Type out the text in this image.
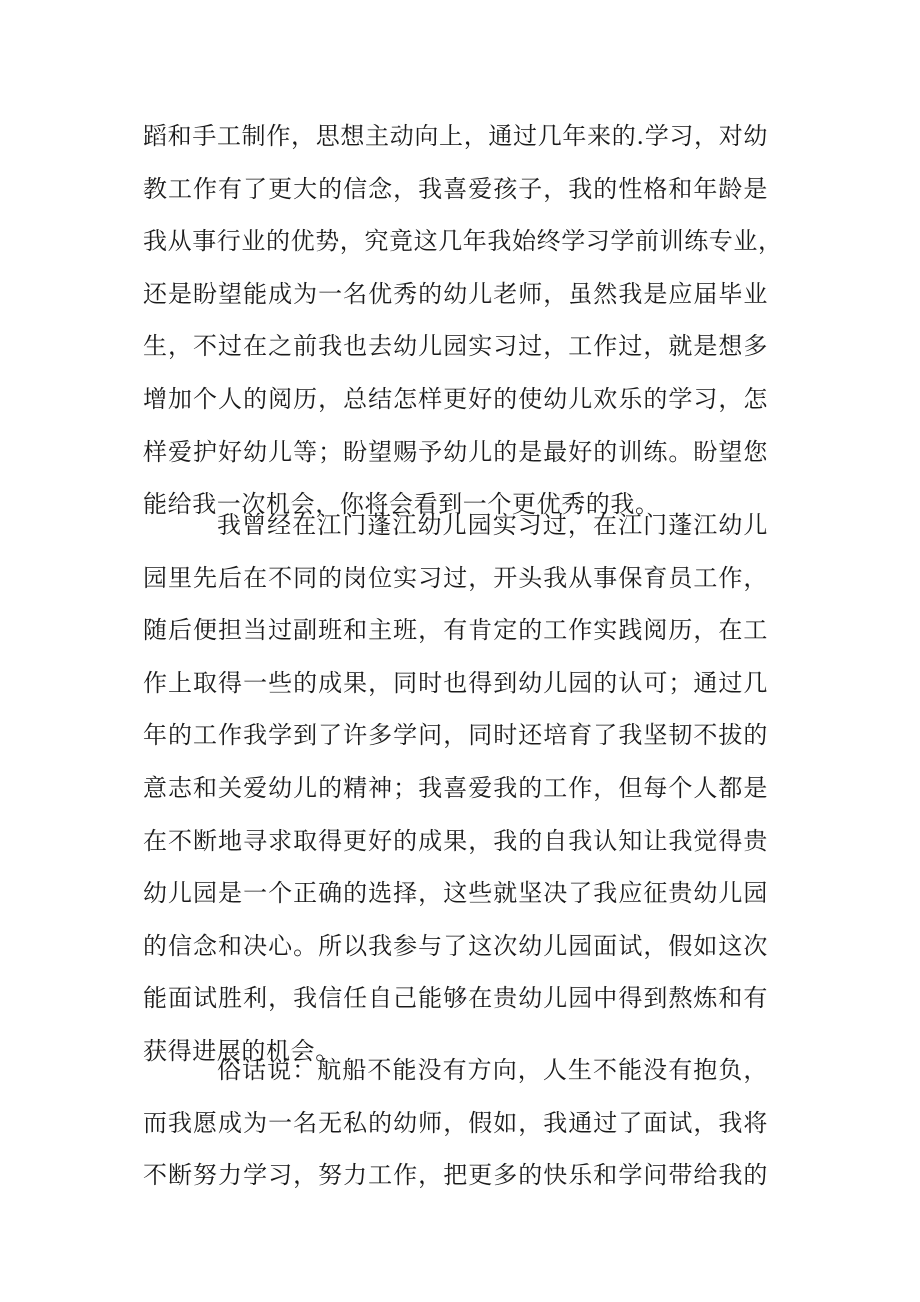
蹈和手工制作，思想主动向上，通过几年来的.学习，对幼
教工作有了更大的信念，我喜爱孩子，我的性格和年龄是
我从事行业的优势，究竟这几年我始终学习学前训练专业，
还是盼望能成为一名优秀的幼儿老师，虽然我是应届毕业
生，不过在之前我也去幼儿园实习过，工作过，就是想多
增加个人的阅历，总结怎样更好的使幼儿欢乐的学习，怎
样爱护好幼儿等；盼望赐予幼儿的是最好的训练。盼望您
能给我一次机会，你将会看到一个更优秀的我。
我曾经在江门蓬江幼儿园实习过，在江门蓬江幼儿
园里先后在不同的岗位实习过，开头我从事保育员工作，
随后便担当过副班和主班，有肯定的工作实践阅历，在工
作上取得一些的成果，同时也得到幼儿园的认可；通过几
年的工作我学到了许多学问，同时还培育了我坚韧不拔的
意志和关爱幼儿的精神；我喜爱我的工作，但每个人都是
在不断地寻求取得更好的成果，我的自我认知让我觉得贵
幼儿园是一个正确的选择，这些就坚决了我应征贵幼儿园
的信念和决心。所以我参与了这次幼儿园面试，假如这次
能面试胜利，我信任自己能够在贵幼儿园中得到熬炼和有
获得进展的机会。
俗话说：航船不能没有方向，人生不能没有抱负，
而我愿成为一名无私的幼师，假如，我通过了面试，我将
不断努力学习，努力工作，把更多的快乐和学问带给我的
